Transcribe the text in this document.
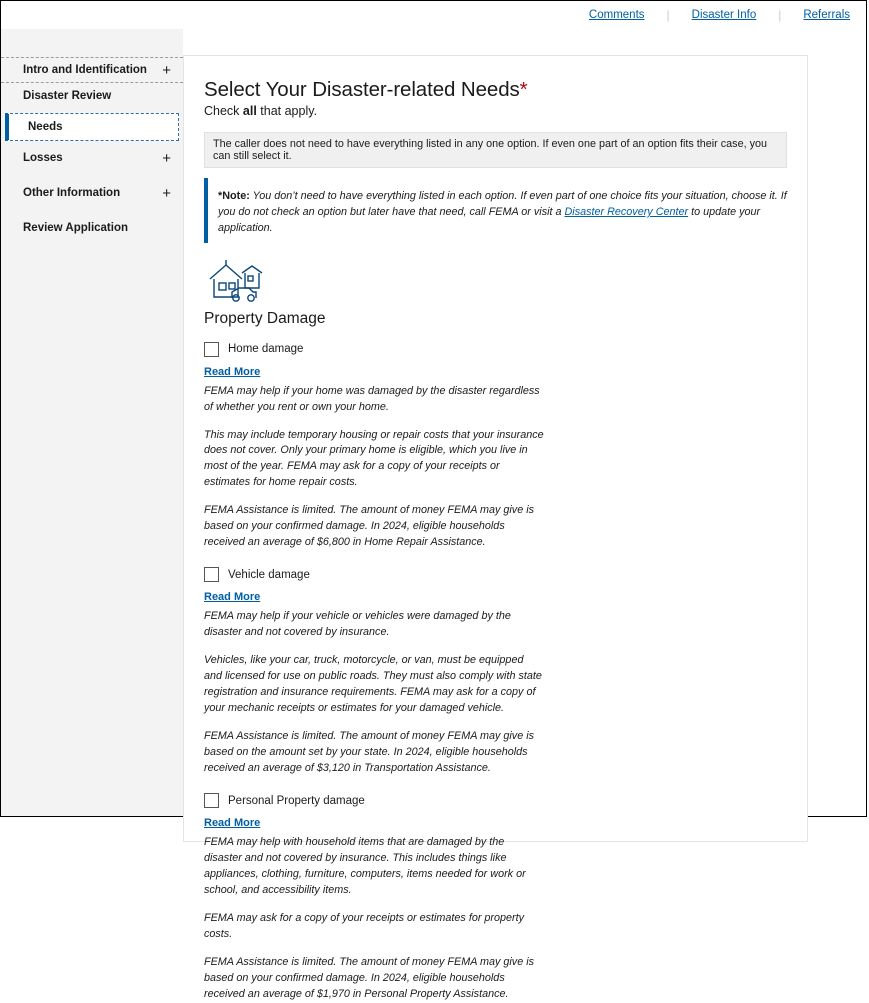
Comments | Disaster Info | Referrals
Intro and Identification +
Disaster Review
Needs
Losses	+
Other Information	+
Review Application
Select Your Disaster-related Needs*

Check all that apply.

The caller does not need to have everything listed in any one option. If even one part of an option fits their case, you can still select it.
*Note: You don’t need to have everything listed in each option. If even part of one choice fits your situation, choose it. If you do not check an option but later have that need, call FEMA or visit a Disaster Recovery Center to update your application.
Property Damage
Home damage
Read More

FEMA may help if your home was damaged by the disaster regardless of whether you rent or own your home.

This may include temporary housing or repair costs that your insurance does not cover. Only your primary home is eligible, which you live in most of the year. FEMA may ask for a copy of your receipts or estimates for home repair costs.

FEMA Assistance is limited. The amount of money FEMA may give is based on your confirmed damage. In 2024, eligible households received an average of $6,800 in Home Repair Assistance.

Vehicle damage
Read More

FEMA may help if your vehicle or vehicles were damaged by the disaster and not covered by insurance.

Vehicles, like your car, truck, motorcycle, or van, must be equipped and licensed for use on public roads. They must also comply with state registration and insurance requirements. FEMA may ask for a copy of your mechanic receipts or estimates for your damaged vehicle.

FEMA Assistance is limited. The amount of money FEMA may give is based on the amount set by your state. In 2024, eligible households received an average of $3,120 in Transportation Assistance.

Personal Property damage
Read More

FEMA may help with household items that are damaged by the disaster and not covered by insurance. This includes things like appliances, clothing, furniture, computers, items needed for work or school, and accessibility items.

FEMA may ask for a copy of your receipts or estimates for property costs.

FEMA Assistance is limited. The amount of money FEMA may give is based on your confirmed damage. In 2024, eligible households received an average of $1,970 in Personal Property Assistance.
